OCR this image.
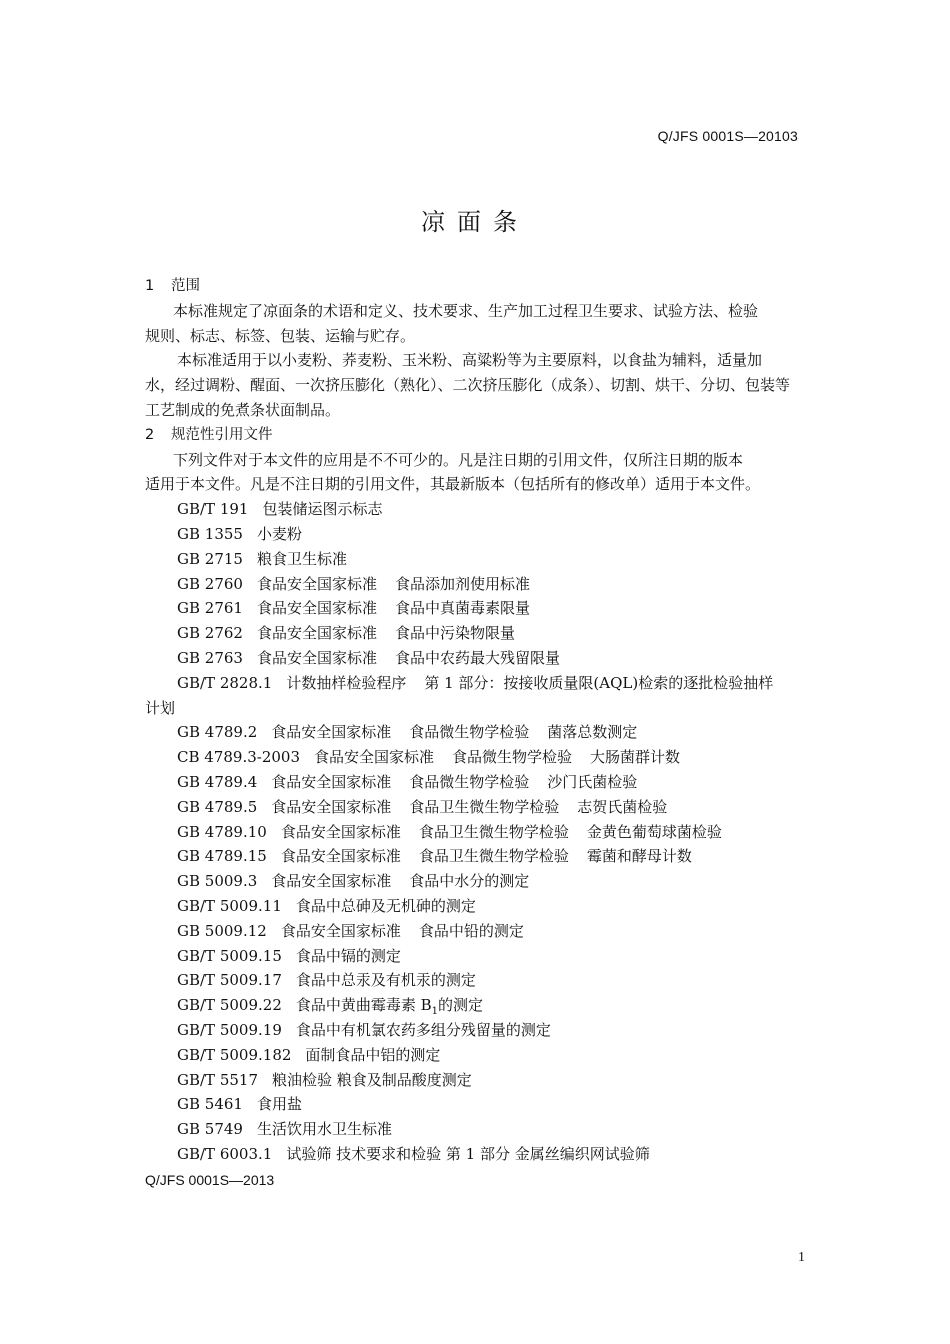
Q/JFS 0001S—20103
凉面条
1 范围
本标准规定了凉面条的术语和定义、技术要求、生产加工过程卫生要求、试验方法、检验
规则、标志、标签、包装、运输与贮存。
本标准适用于以小麦粉、荞麦粉、玉米粉、高粱粉等为主要原料，以食盐为辅料，适量加
水，经过调粉、醒面、一次挤压膨化（熟化）、二次挤压膨化（成条）、切割、烘干、分切、包装等
工艺制成的免煮条状面制品。
2 规范性引用文件
下列文件对于本文件的应用是不不可少的。凡是注日期的引用文件，仅所注日期的版本
适用于本文件。凡是不注日期的引用文件，其最新版本（包括所有的修改单）适用于本文件。
GB/T 191 包装储运图示标志
GB 1355 小麦粉
GB 2715 粮食卫生标准
GB 2760 食品安全国家标准 食品添加剂使用标准
GB 2761 食品安全国家标准 食品中真菌毒素限量
GB 2762 食品安全国家标准 食品中污染物限量
GB 2763 食品安全国家标准 食品中农药最大残留限量
GB/T 2828.1 计数抽样检验程序 第 1 部分：按接收质量限(AQL)检索的逐批检验抽样
计划
GB 4789.2 食品安全国家标准 食品微生物学检验 菌落总数测定
CB 4789.3-2003 食品安全国家标准 食品微生物学检验 大肠菌群计数
GB 4789.4 食品安全国家标准 食品微生物学检验 沙门氏菌检验
GB 4789.5 食品安全国家标准 食品卫生微生物学检验 志贺氏菌检验
GB 4789.10 食品安全国家标准 食品卫生微生物学检验 金黄色葡萄球菌检验
GB 4789.15 食品安全国家标准 食品卫生微生物学检验 霉菌和酵母计数
GB 5009.3 食品安全国家标准 食品中水分的测定
GB/T 5009.11 食品中总砷及无机砷的测定
GB 5009.12 食品安全国家标准 食品中铅的测定
GB/T 5009.15 食品中镉的测定
GB/T 5009.17 食品中总汞及有机汞的测定
GB/T 5009.22 食品中黄曲霉毒素 $B_1$的测定
GB/T 5009.19 食品中有机氯农药多组分残留量的测定
GB/T 5009.182 面制食品中铝的测定
GB/T 5517 粮油检验 粮食及制品酸度测定
GB 5461 食用盐
GB 5749 生活饮用水卫生标准
GB/T 6003.1 试验筛 技术要求和检验 第 1 部分 金属丝编织网试验筛
Q/JFS 0001S—2013
1
